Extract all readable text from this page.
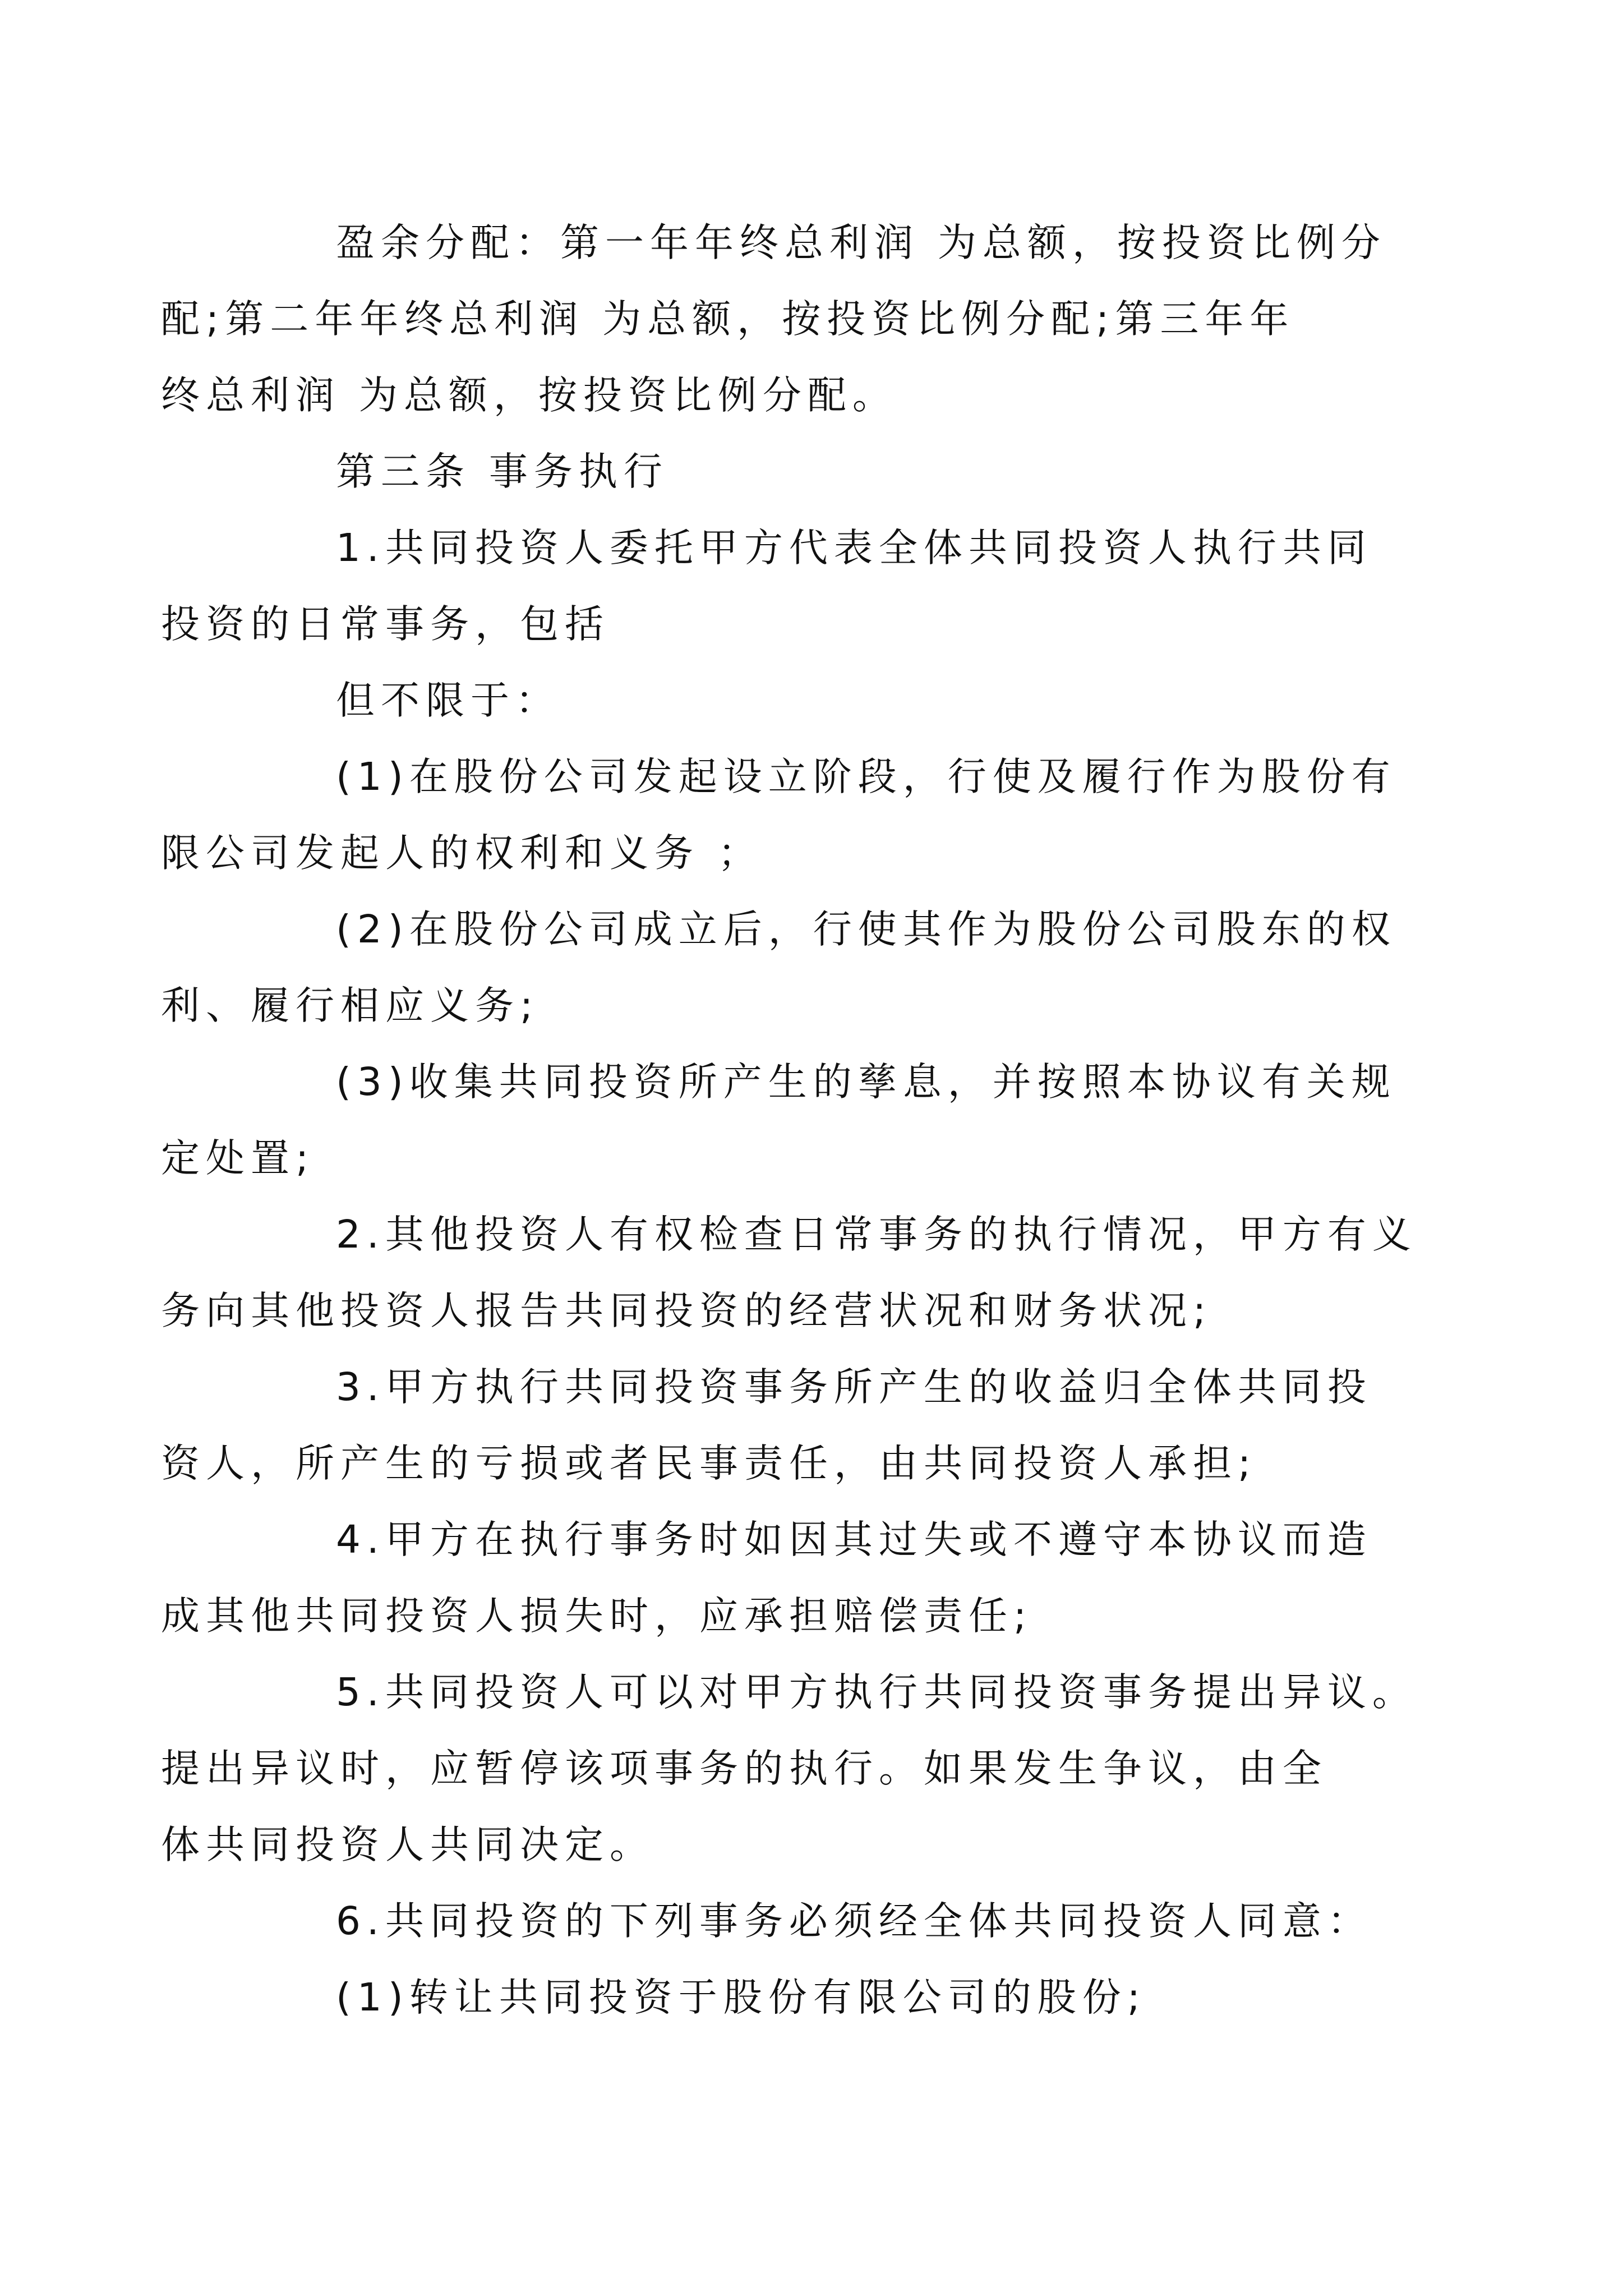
盈余分配：第一年年终总利润 为总额，按投资比例分
配;第二年年终总利润 为总额，按投资比例分配;第三年年
终总利润 为总额，按投资比例分配。

第三条 事务执行

1.共同投资人委托甲方代表全体共同投资人执行共同
投资的日常事务，包括

但不限于：

(1)在股份公司发起设立阶段，行使及履行作为股份有
限公司发起人的权利和义务 ；

(2)在股份公司成立后，行使其作为股份公司股东的权
利、履行相应义务;

(3)收集共同投资所产生的孳息，并按照本协议有关规
定处置;

2.其他投资人有权检查日常事务的执行情况，甲方有义
务向其他投资人报告共同投资的经营状况和财务状况;

3.甲方执行共同投资事务所产生的收益归全体共同投
资人，所产生的亏损或者民事责任，由共同投资人承担;

4.甲方在执行事务时如因其过失或不遵守本协议而造
成其他共同投资人损失时，应承担赔偿责任;

5.共同投资人可以对甲方执行共同投资事务提出异议。
提出异议时，应暂停该项事务的执行。如果发生争议，由全
体共同投资人共同决定。

6.共同投资的下列事务必须经全体共同投资人同意：

(1)转让共同投资于股份有限公司的股份;
